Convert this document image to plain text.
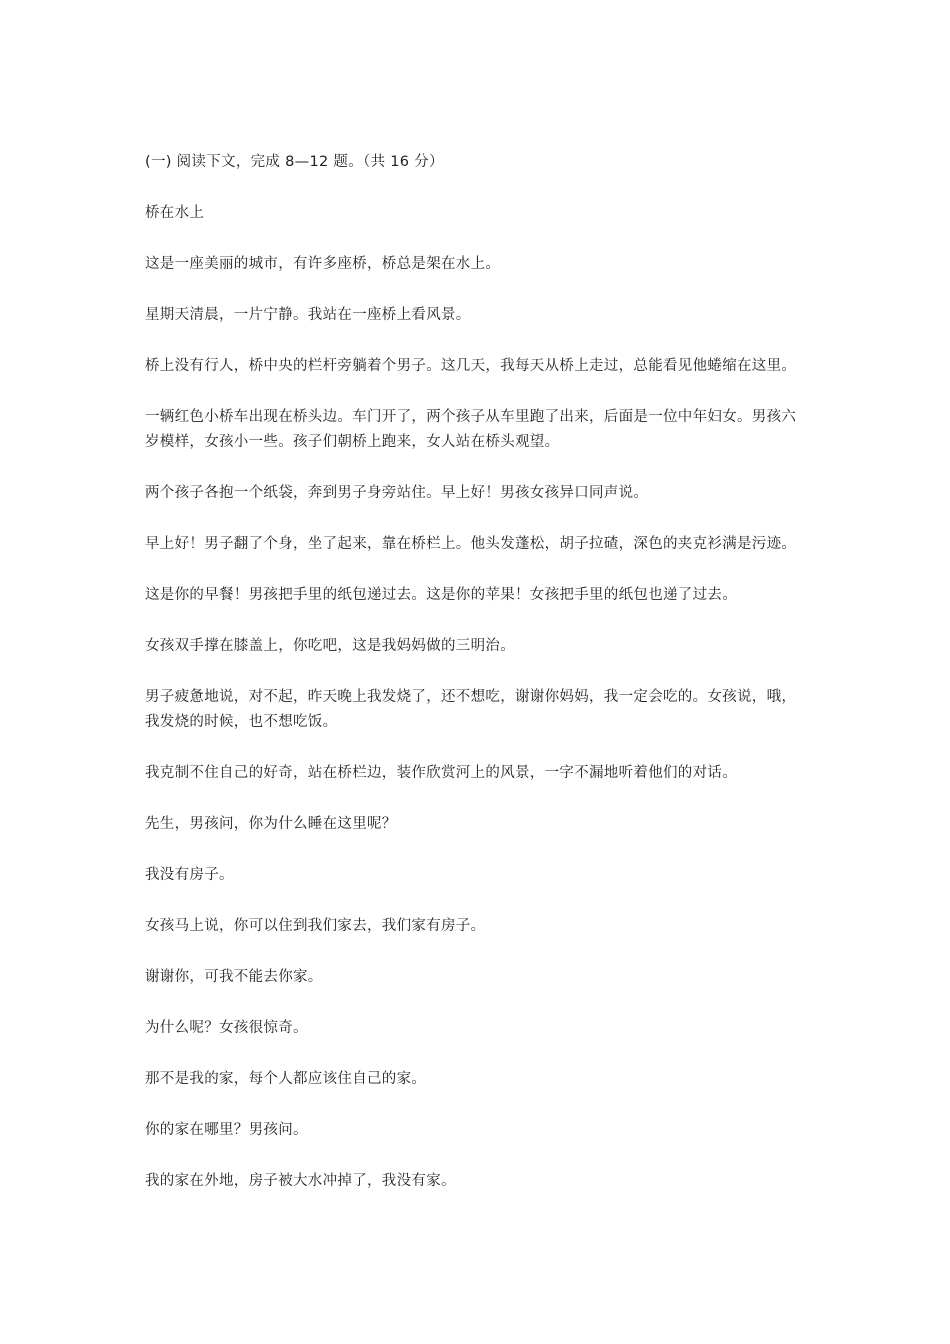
(一) 阅读下文，完成 8—12 题。（共 16 分）

桥在水上

这是一座美丽的城市，有许多座桥，桥总是架在水上。

星期天清晨，一片宁静。我站在一座桥上看风景。

桥上没有行人，桥中央的栏杆旁躺着个男子。这几天，我每天从桥上走过，总能看见他蜷缩在这里。

一辆红色小桥车出现在桥头边。车门开了，两个孩子从车里跑了出来，后面是一位中年妇女。男孩六岁模样，女孩小一些。孩子们朝桥上跑来，女人站在桥头观望。

两个孩子各抱一个纸袋，奔到男子身旁站住。早上好！男孩女孩异口同声说。

早上好！男子翻了个身，坐了起来，靠在桥栏上。他头发蓬松，胡子拉碴，深色的夹克衫满是污迹。

这是你的早餐！男孩把手里的纸包递过去。这是你的苹果！女孩把手里的纸包也递了过去。

女孩双手撑在膝盖上，你吃吧，这是我妈妈做的三明治。

男子疲惫地说，对不起，昨天晚上我发烧了，还不想吃，谢谢你妈妈，我一定会吃的。女孩说，哦，我发烧的时候，也不想吃饭。

我克制不住自己的好奇，站在桥栏边，装作欣赏河上的风景，一字不漏地听着他们的对话。

先生，男孩问，你为什么睡在这里呢？

我没有房子。

女孩马上说，你可以住到我们家去，我们家有房子。

谢谢你，可我不能去你家。

为什么呢？女孩很惊奇。

那不是我的家，每个人都应该住自己的家。

你的家在哪里？男孩问。

我的家在外地，房子被大水冲掉了，我没有家。
